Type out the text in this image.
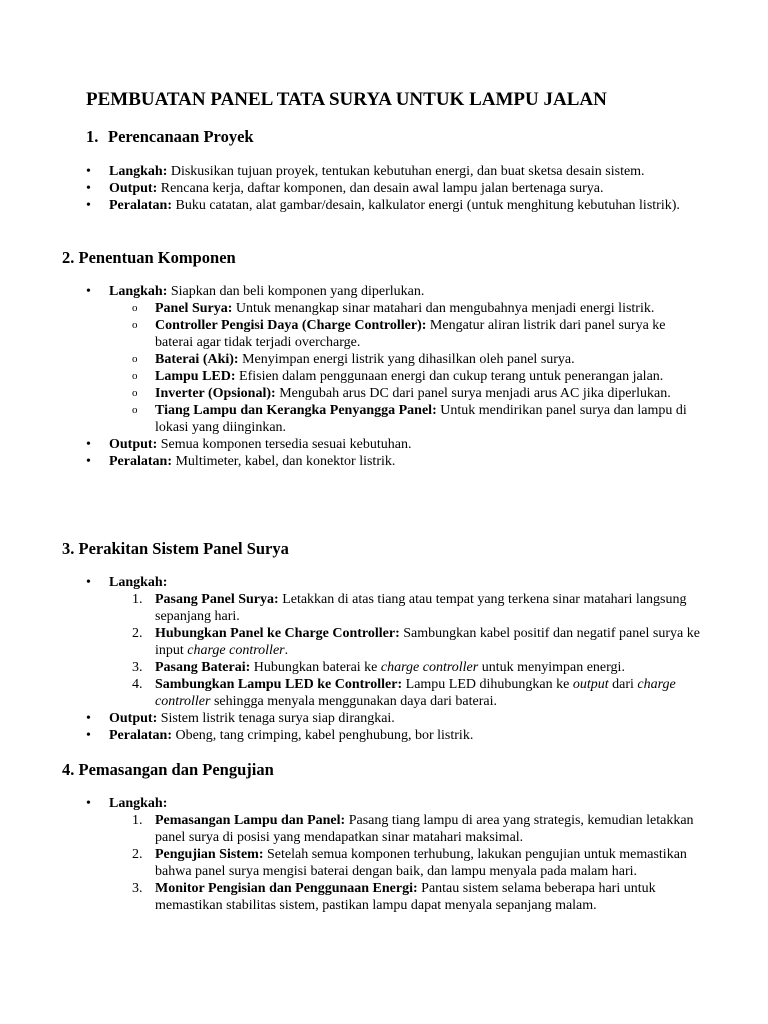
PEMBUATAN PANEL TATA SURYA UNTUK LAMPU JALAN
1. Perencanaan Proyek
• Langkah: Diskusikan tujuan proyek, tentukan kebutuhan energi, dan buat sketsa desain sistem.
• Output: Rencana kerja, daftar komponen, dan desain awal lampu jalan bertenaga surya.
• Peralatan: Buku catatan, alat gambar/desain, kalkulator energi (untuk menghitung kebutuhan listrik).
2. Penentuan Komponen
• Langkah: Siapkan dan beli komponen yang diperlukan.
o Panel Surya: Untuk menangkap sinar matahari dan mengubahnya menjadi energi listrik.
o Controller Pengisi Daya (Charge Controller): Mengatur aliran listrik dari panel surya ke baterai agar tidak terjadi overcharge.
o Baterai (Aki): Menyimpan energi listrik yang dihasilkan oleh panel surya.
o Lampu LED: Efisien dalam penggunaan energi dan cukup terang untuk penerangan jalan.
o Inverter (Opsional): Mengubah arus DC dari panel surya menjadi arus AC jika diperlukan.
o Tiang Lampu dan Kerangka Penyangga Panel: Untuk mendirikan panel surya dan lampu di lokasi yang diinginkan.
• Output: Semua komponen tersedia sesuai kebutuhan.
• Peralatan: Multimeter, kabel, dan konektor listrik.
3. Perakitan Sistem Panel Surya
• Langkah:
1. Pasang Panel Surya: Letakkan di atas tiang atau tempat yang terkena sinar matahari langsung sepanjang hari.
2. Hubungkan Panel ke Charge Controller: Sambungkan kabel positif dan negatif panel surya ke input charge controller.
3. Pasang Baterai: Hubungkan baterai ke charge controller untuk menyimpan energi.
4. Sambungkan Lampu LED ke Controller: Lampu LED dihubungkan ke output dari charge controller sehingga menyala menggunakan daya dari baterai.
• Output: Sistem listrik tenaga surya siap dirangkai.
• Peralatan: Obeng, tang crimping, kabel penghubung, bor listrik.
4. Pemasangan dan Pengujian
• Langkah:
1. Pemasangan Lampu dan Panel: Pasang tiang lampu di area yang strategis, kemudian letakkan panel surya di posisi yang mendapatkan sinar matahari maksimal.
2. Pengujian Sistem: Setelah semua komponen terhubung, lakukan pengujian untuk memastikan bahwa panel surya mengisi baterai dengan baik, dan lampu menyala pada malam hari.
3. Monitor Pengisian dan Penggunaan Energi: Pantau sistem selama beberapa hari untuk memastikan stabilitas sistem, pastikan lampu dapat menyala sepanjang malam.
